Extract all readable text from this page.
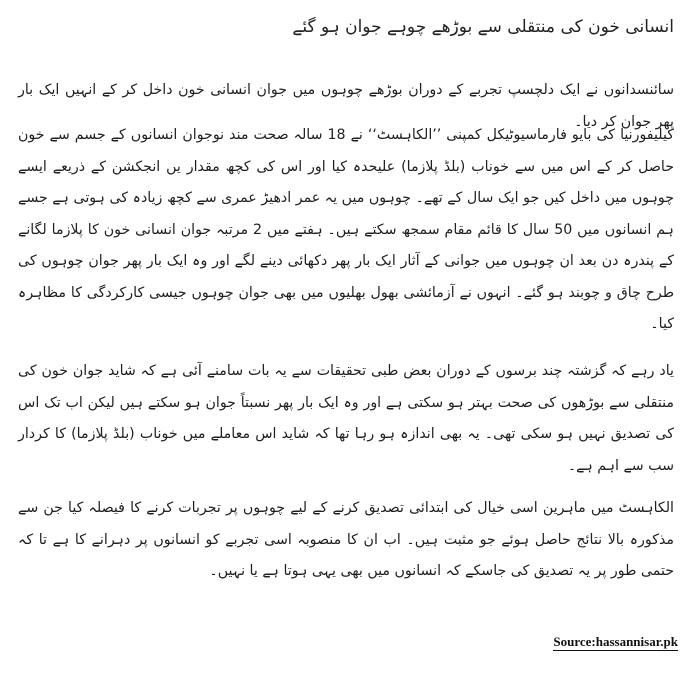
انسانی خون کی منتقلی سے بوڑھے چوہے جوان ہو گئے

سائنسدانوں نے ایک دلچسپ تجربے کے دوران بوڑھے چوہوں میں جوان انسانی خون داخل کر کے انہیں ایک بار پھر جوان کر دیا۔

کیلیفورنیا کی بایو فارماسیوٹیکل کمپنی ’’الکاہسٹ‘‘ نے 18 سالہ صحت مند نوجوان انسانوں کے جسم سے خون حاصل کر کے اس میں سے خوناب (بلڈ پلازما) علیحدہ کیا اور اس کی کچھ مقدار یں انجکشن کے ذریعے ایسے چوہوں میں داخل کیں جو ایک سال کے تھے۔ چوہوں میں یہ عمر ادھیڑ عمری سے کچھ زیادہ کی ہوتی ہے جسے ہم انسانوں میں 50 سال کا قائم مقام سمجھ سکتے ہیں۔ ہفتے میں 2 مرتبہ جوان انسانی خون کا پلازما لگانے کے پندرہ دن بعد ان چوہوں میں جوانی کے آثار ایک بار پھر دکھائی دینے لگے اور وہ ایک بار پھر جوان چوہوں کی طرح چاق و چوبند ہو گئے۔ انہوں نے آزمائشی بھول بھلیوں میں بھی جوان چوہوں جیسی کارکردگی کا مظاہرہ کیا۔

یاد رہے کہ گزشتہ چند برسوں کے دوران بعض طبی تحقیقات سے یہ بات سامنے آئی ہے کہ شاید جوان خون کی منتقلی سے بوڑھوں کی صحت بہتر ہو سکتی ہے اور وہ ایک بار پھر نسبتاً جوان ہو سکتے ہیں لیکن اب تک اس کی تصدیق نہیں ہو سکی تھی۔ یہ بھی اندازہ ہو رہا تھا کہ شاید اس معاملے میں خوناب (بلڈ پلازما) کا کردار سب سے اہم ہے۔

الکاہسٹ میں ماہرین اسی خیال کی ابتدائی تصدیق کرنے کے لیے چوہوں پر تجربات کرنے کا فیصلہ کیا جن سے مذکورہ بالا نتائج حاصل ہوئے جو مثبت ہیں۔ اب ان کا منصوبہ اسی تجربے کو انسانوں پر دہرانے کا ہے تا کہ حتمی طور پر یہ تصدیق کی جاسکے کہ انسانوں میں بھی یہی ہوتا ہے یا نہیں۔

Source:hassannisar.pk
